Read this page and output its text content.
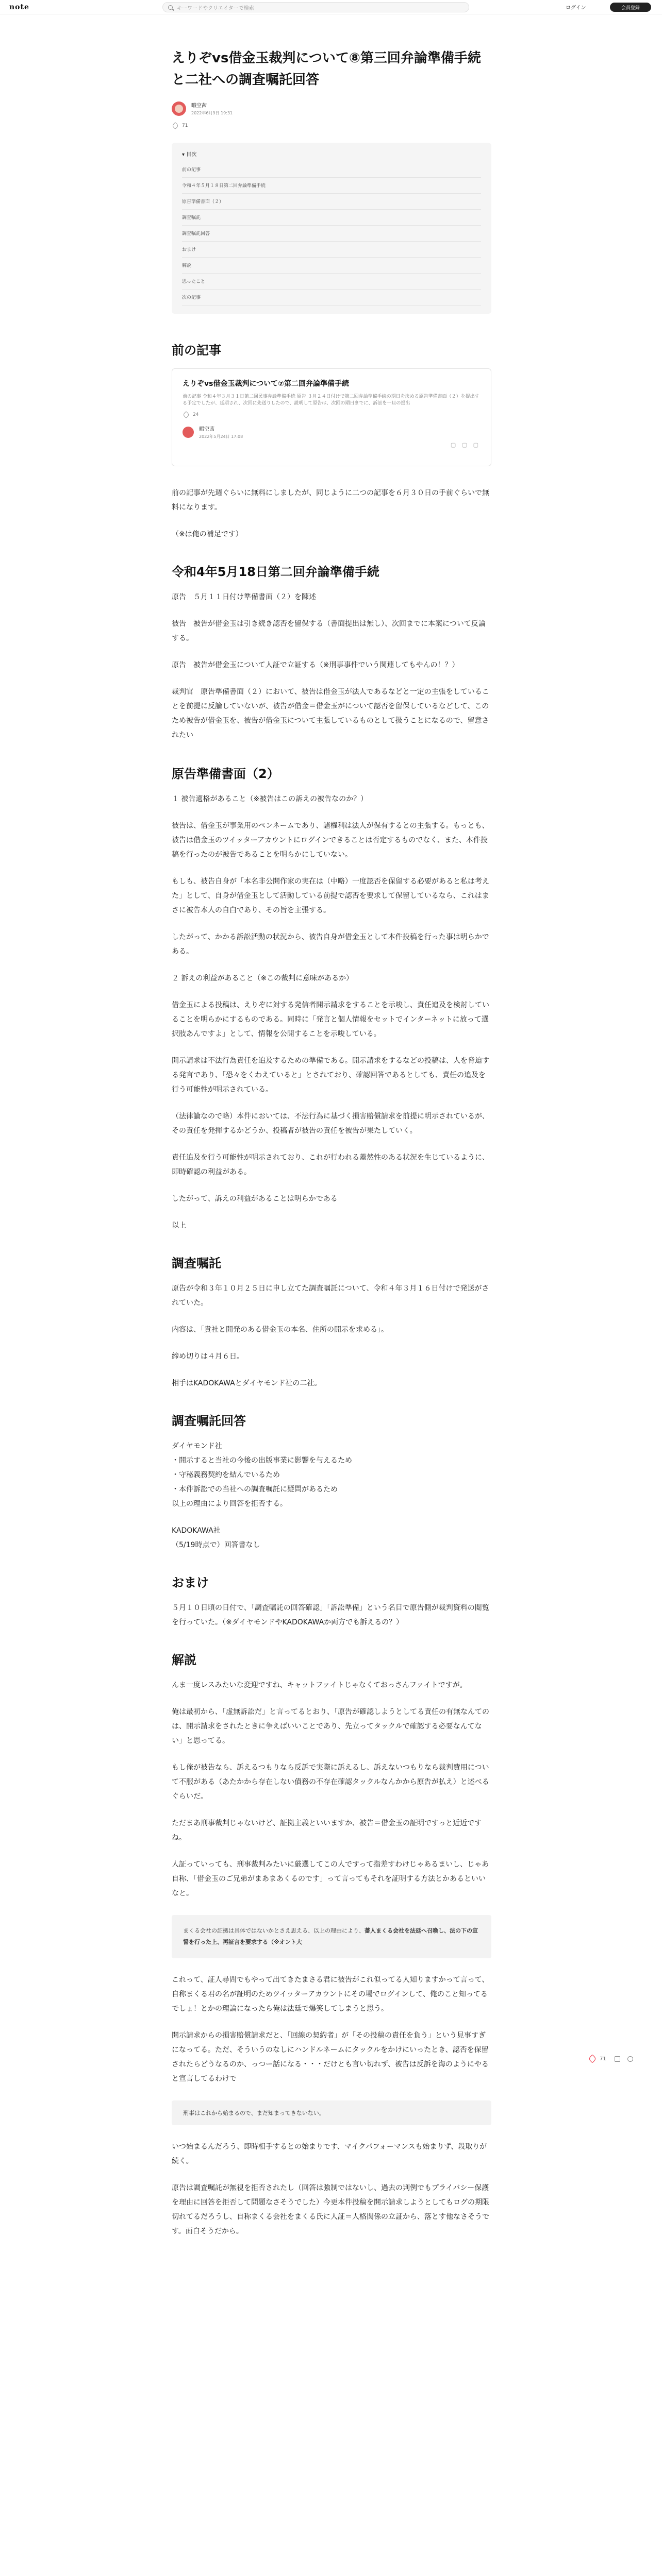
note	キーワードやクリエイターで検索	ログイン	会員登録
えりぞvs借金玉裁判について⑧第三回弁論準備手続と二社への調査嘱託回答
暇空茜
2022年6月9日 19:31
71
▾ 目次
前の記事
令和４年５月１８日第二回弁論準備手続
原告準備書面（２）
調査嘱託
調査嘱託回答
おまけ
解説
思ったこと
次の記事
前の記事
えりぞvs借金玉裁判について⑦第二回弁論準備手続
前の記事 令和４年３月３１日第二回民事弁論準備手続 原告 ３月２４日付けで第二回弁論準備手続の期日を決める原告準備書面（２）を提出する予定でしたが、延期され、次回に先送りしたので、説明して原告は、次回の期日までに、訴訟を一旦の提出
24
暇空茜
2022年5月24日 17:08
▢ ▢ ▢

前の記事が先週ぐらいに無料にしましたが、同じように二つの記事を６月３０日の手前ぐらいで無料になります。

（※は俺の補足です）

令和4年5月18日第二回弁論準備手続

原告　５月１１日付け準備書面（２）を陳述

被告　被告が借金玉は引き続き認否を留保する（書面提出は無し）、次回までに本案について反論する。

原告　被告が借金玉について人証で立証する（※刑事事件でいう関連してもやんの！？）

裁判官　原告準備書面（２）において、被告は借金玉が法人であるなどと一定の主張をしていることを前提に反論していないが、被告が借金＝借金玉がについて認否を留保しているなどして、このため被告が借金玉を、被告が借金玉について主張しているものとして扱うことになるので、留意されたい

原告準備書面（2）

１ 被告適格があること（※被告はこの訴えの被告なのか？）

被告は、借金玉が事業用のペンネームであり、諸権利は法人が保有するとの主張する。もっとも、被告は借金玉のツイッターアカウントにログインできることは否定するものでなく、また、本件投稿を行ったのが被告であることを明らかにしていない。

もしも、被告自身が「本名非公開作家の実在は（中略）一度認否を保留する必要があると私は考えた」として、自身が借金玉として活動している前提で認否を要求して保留しているなら、これはまさに被告本人の自白であり、その旨を主張する。

したがって、かかる訴訟活動の状況から、被告自身が借金玉として本件投稿を行った事は明らかである。

２ 訴えの利益があること（※この裁判に意味があるか）

借金玉による投稿は、えりぞに対する発信者開示請求をすることを示唆し、責任追及を検討していることを明らかにするものである。同時に「発言と個人情報をセットでインターネットに放って選択肢あんですよ」として、情報を公開することを示唆している。

開示請求は不法行為責任を追及するための準備である。開示請求をするなどの投稿は、人を脅迫する発言であり、「恐々をくわえていると」とされており、確認回答であるとしても、責任の追及を行う可能性が明示されている。

（法律論なので略）本件においては、不法行為に基づく損害賠償請求を前提に明示されているが、その責任を発揮するかどうか、投稿者が被告の責任を被告が果たしていく。

責任追及を行う可能性が明示されており、これが行われる蓋然性のある状況を生じているように、即時確認の利益がある。

したがって、訴えの利益があることは明らかである

以上

調査嘱託

原告が令和３年１０月２５日に申し立てた調査嘱託について、令和４年３月１６日付けで発送がされていた。

内容は、「貴社と開発のある借金玉の本名、住所の開示を求める」。

締め切りは４月６日。

相手はKADOKAWAとダイヤモンド社の二社。

調査嘱託回答

ダイヤモンド社

・開示すると当社の今後の出版事業に影響を与えるため

・守秘義務契約を結んでいるため

・本件訴訟での当社への調査嘱託に疑問があるため

以上の理由により回答を拒否する。

KADOKAWA社

（5/19時点で）回答書なし

おまけ

５月１０日頃の日付で、「調査嘱託の回答確認」「訴訟準備」という名目で原告側が裁判資料の閲覧を行っていた。（※ダイヤモンドやKADOKAWAか両方でも訴えるの？）

解説

んま一度レスみたいな変迎ですね、キャットファイトじゃなくておっさんファイトですが。

俺は最初から、「虚無訴訟だ」と言ってるとおり、「原告が確認しようとしてる責任の有無なんてのは、開示請求をされたときに争えばいいことであり、先立ってタックルで確認する必要なんてない」と思ってる。

もし俺が被告なら、訴えるつもりなら反訴で実際に訴えるし、訴えないつもりなら裁判費用について不服がある（あたかから存在しない債務の不存在確認タックルなんかから原告が払え）と述べるぐらいだ。

ただまあ刑事裁判じゃないけど、証拠主義といいますか、被告＝借金玉の証明ですっと近近ですね。

人証っていっても、刑事裁判みたいに厳選してこの人ですって指差すわけじゃあるまいし、じゃあ自称、「借金玉のご兄弟がまあまあくるのです」って言ってもそれを証明する方法とかあるといいなと。

まくる会社の証拠は具体ではないかとさえ思える、以上の理由により、薔人まくる会社を法廷へ召喚し、法の下の宣誓を行った上、再証言を要求する（※オント大

これって、証人尋問でもやって出てきたまさる君に被告がこれ似ってる人知りますかって言って、自称まくる君の名が証明のためツイッターアカウントにその場でログインして、俺のこと知ってるでしょ！とかの理論になったら俺は法廷で爆笑してしまうと思う。

開示請求からの損害賠償請求だと、「回線の契約者」が「その投稿の責任を負う」という見事すぎになってる。ただ、そういうのなしにハンドルネームにタックルをかけにいったとき、認否を保留されたらどうなるのか、っつー話になる・・・だけとも言い切れず、被告は反訴を海のようにやると宣言してるわけで

刑事はこれから始まるので、まだ知まってきないない。

いつ始まるんだろう、即時相手するとの始まりです、マイクパフォーマンスも始まりず、段取りが続く。

原告は調査嘱託が無視を拒否されたし（回答は強制ではないし、過去の判例でもプライバシー保護を理由に回答を拒否して問題なさそうでした）今更本件投稿を開示請求しようとしてもログの期限切れてるだろうし、自称まくる会社をまくる氏に人証＝人格関係の立証から、落とす他なさそうです。面白そうだから。

71
